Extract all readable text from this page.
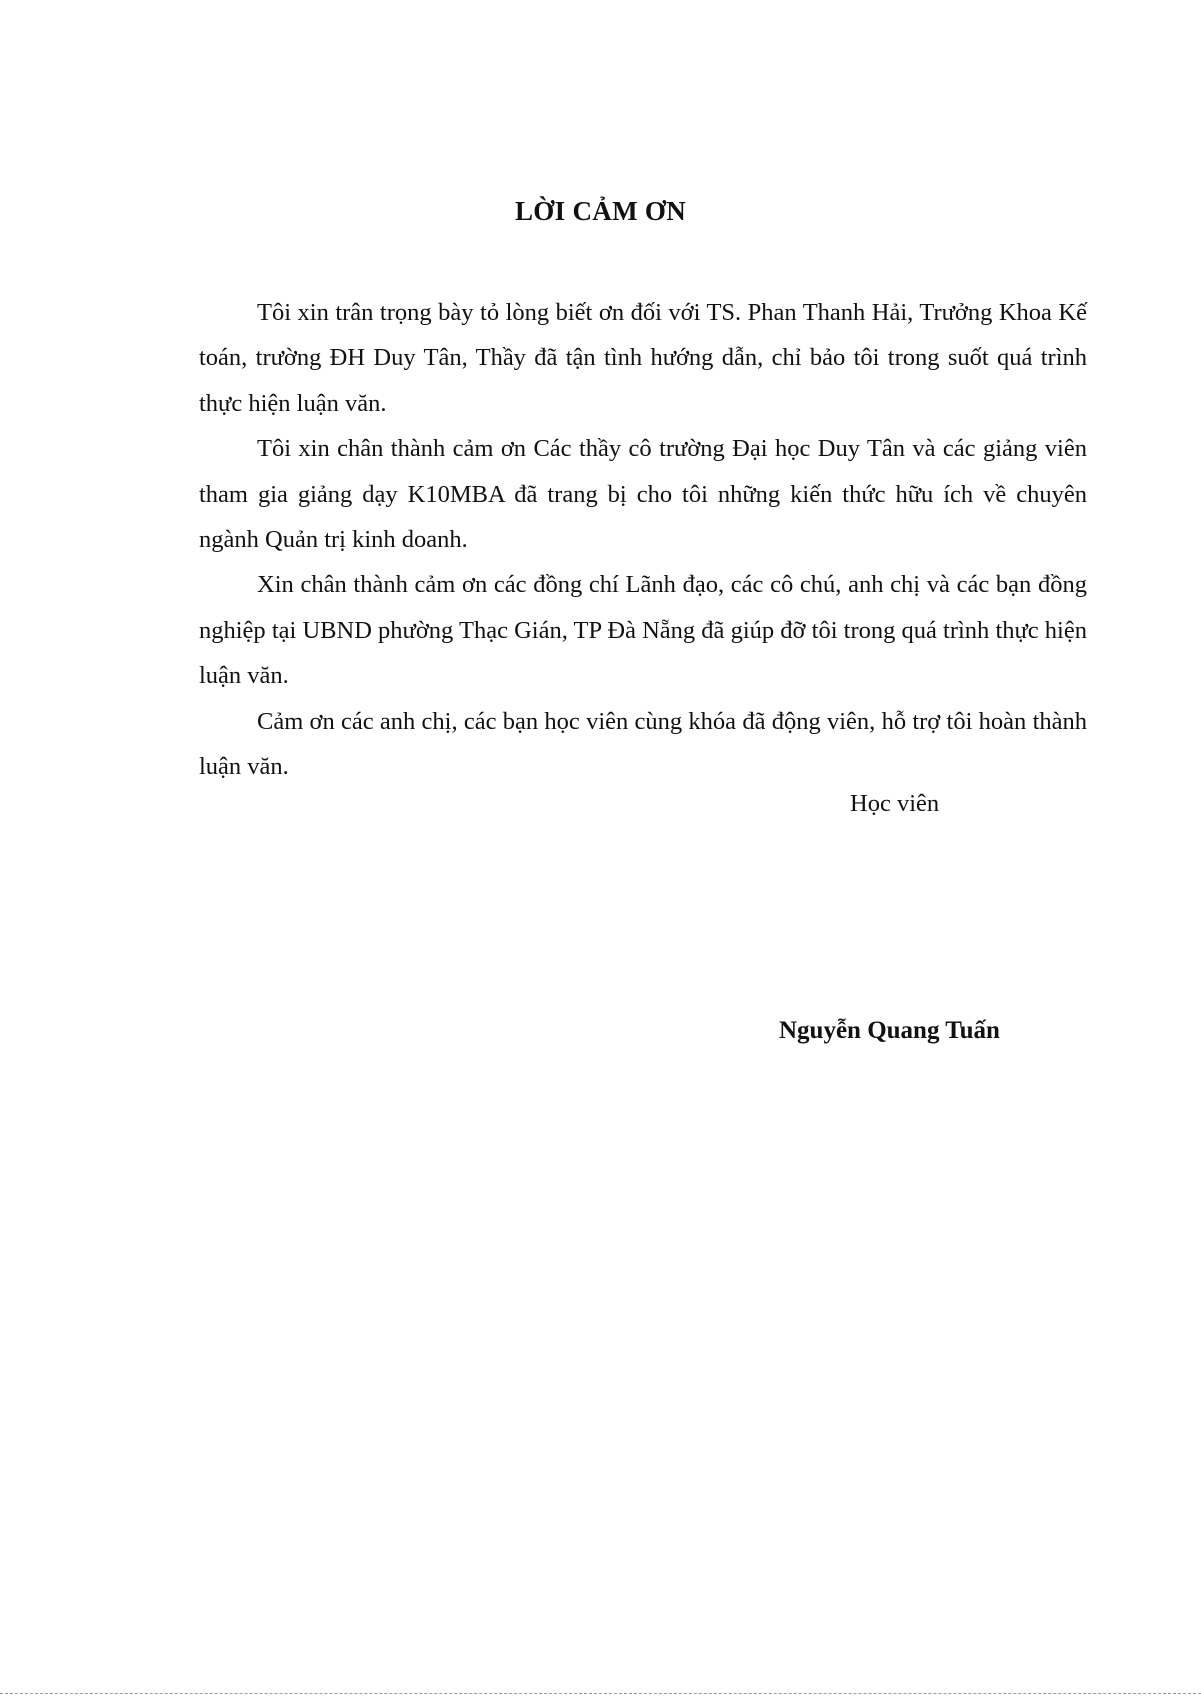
LỜI CẢM ƠN

Tôi xin trân trọng bày tỏ lòng biết ơn đối với TS. Phan Thanh Hải, Trưởng Khoa Kế toán, trường ĐH Duy Tân, Thầy đã tận tình hướng dẫn, chỉ bảo tôi trong suốt quá trình thực hiện luận văn.

Tôi xin chân thành cảm ơn Các thầy cô trường Đại học Duy Tân và các giảng viên tham gia giảng dạy K10MBA đã trang bị cho tôi những kiến thức hữu ích về chuyên ngành Quản trị kinh doanh.

Xin chân thành cảm ơn các đồng chí Lãnh đạo, các cô chú, anh chị và các bạn đồng nghiệp tại UBND phường Thạc Gián, TP Đà Nẵng đã giúp đỡ tôi trong quá trình thực hiện luận văn.

Cảm ơn các anh chị, các bạn học viên cùng khóa đã động viên, hỗ trợ tôi hoàn thành luận văn.

Học viên
Nguyễn Quang Tuấn
